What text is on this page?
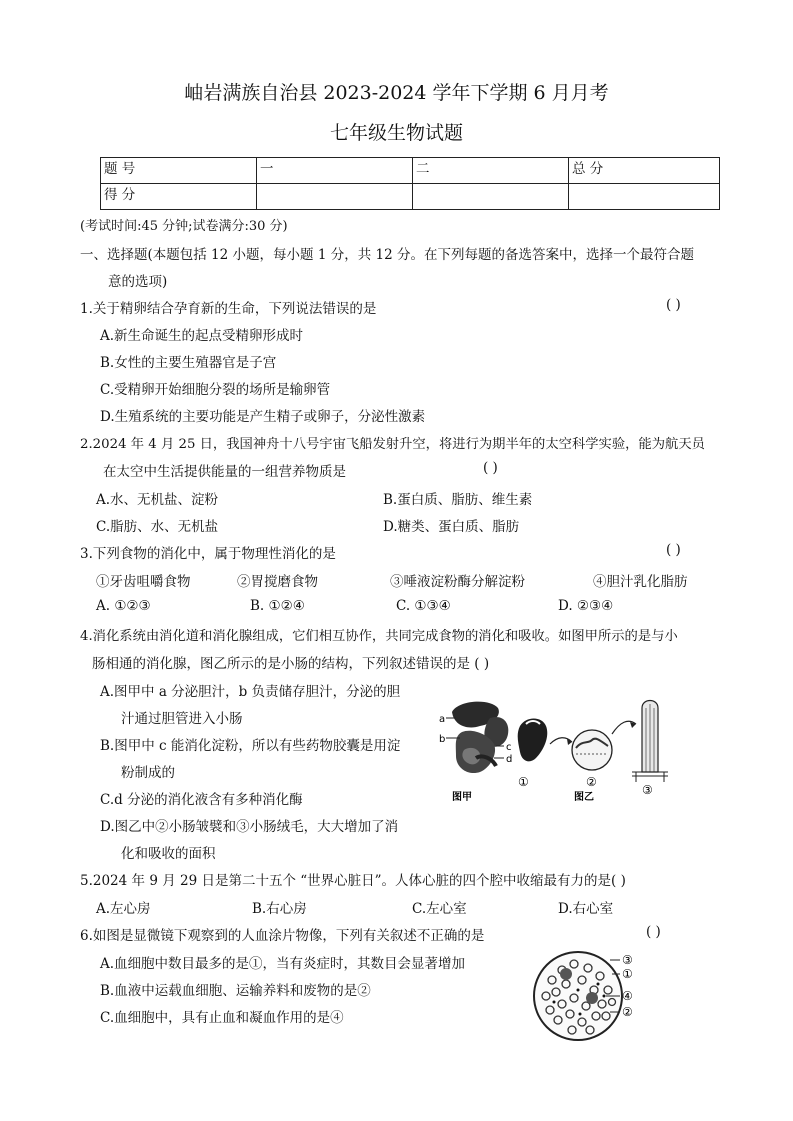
岫岩满族自治县 2023-2024 学年下学期 6 月月考
七年级生物试题
题 号	一	二	总 分
得 分			
(考试时间:45 分钟;试卷满分:30 分)
一、选择题(本题包括 12 小题，每小题 1 分，共 12 分。在下列每题的备选答案中，选择一个最符合题
意的选项)
1.关于精卵结合孕育新的生命，下列说法错误的是	( )
A.新生命诞生的起点受精卵形成时
B.女性的主要生殖器官是子宫
C.受精卵开始细胞分裂的场所是输卵管
D.生殖系统的主要功能是产生精子或卵子，分泌性激素
2.2024 年 4 月 25 日，我国神舟十八号宇宙飞船发射升空，将进行为期半年的太空科学实验，能为航天员
在太空中生活提供能量的一组营养物质是	( )
A.水、无机盐、淀粉	B.蛋白质、脂肪、维生素
C.脂肪、水、无机盐	D.糖类、蛋白质、脂肪
3.下列食物的消化中，属于物理性消化的是	( )
①牙齿咀嚼食物	②胃搅磨食物	③唾液淀粉酶分解淀粉	④胆汁乳化脂肪
A. ①②③	B. ①②④	C. ①③④	D. ②③④
4.消化系统由消化道和消化腺组成，它们相互协作，共同完成食物的消化和吸收。如图甲所示的是与小
肠相通的消化腺，图乙所示的是小肠的结构，下列叙述错误的是 ( )
A.图甲中 a 分泌胆汁，b 负责储存胆汁，分泌的胆
汁通过胆管进入小肠
B.图甲中 c 能消化淀粉，所以有些药物胶囊是用淀
粉制成的
C.d 分泌的消化液含有多种消化酶
D.图乙中②小肠皱襞和③小肠绒毛，大大增加了消
化和吸收的面积
a
b
c
d
图甲
①	②
图乙
③
5.2024 年 9 月 29 日是第二十五个 “世界心脏日”。人体心脏的四个腔中收缩最有力的是( )
A.左心房	B.右心房	C.左心室	D.右心室
6.如图是显微镜下观察到的人血涂片物像，下列有关叙述不正确的是	( )
A.血细胞中数目最多的是①，当有炎症时，其数目会显著增加
B.血液中运载血细胞、运输养料和废物的是②
C.血细胞中，具有止血和凝血作用的是④
③
①
④
②
